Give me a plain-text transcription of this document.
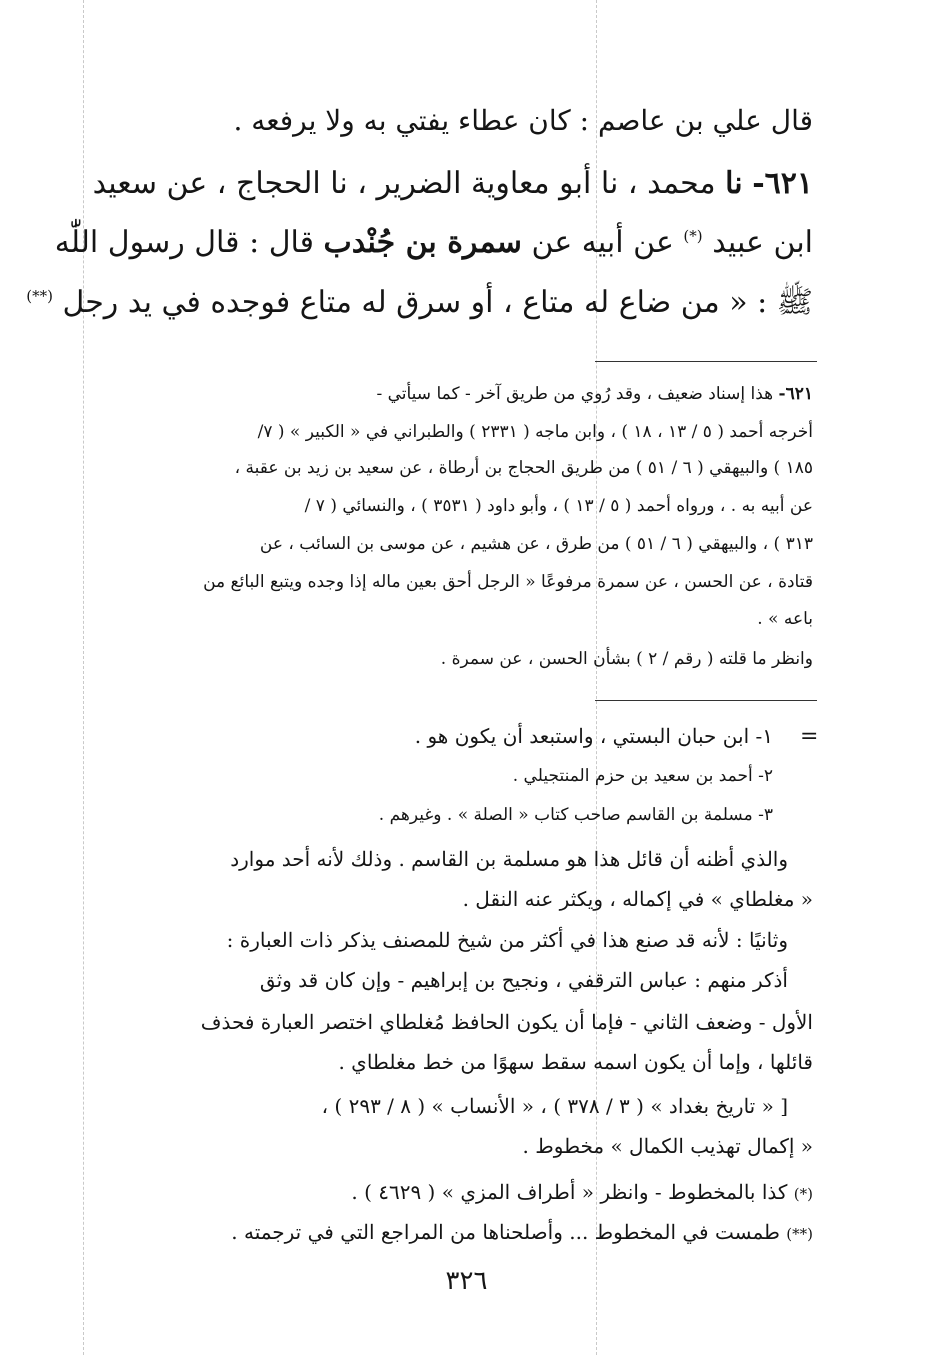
قال علي بن عاصم : كان عطاء يفتي به ولا يرفعه .
٦٢١- نا محمد ، نا أبو معاوية الضرير ، نا الحجاج ، عن سعيد
ابن عبيد (*) عن أبيه عن سمرة بن جُنْدب قال : قال رسول اللّٰه
ﷺ : « من ضاع له متاع ، أو سرق له متاع فوجده في يد رجل (**)
٦٢١- هذا إسناد ضعيف ، وقد رُوي من طريق آخر - كما سيأتي -
أخرجه أحمد ( ٥ / ١٣ ، ١٨ ) ، وابن ماجه ( ٢٣٣١ ) والطبراني في « الكبير » ( ٧/
١٨٥ ) والبيهقي ( ٦ / ٥١ ) من طريق الحجاج بن أرطاة ، عن سعيد بن زيد بن عقبة ،
عن أبيه به . ، ورواه أحمد ( ٥ / ١٣ ) ، وأبو داود ( ٣٥٣١ ) ، والنسائي ( ٧ /
٣١٣ ) ، والبيهقي ( ٦ / ٥١ ) من طرق ، عن هشيم ، عن موسى بن السائب ، عن
قتادة ، عن الحسن ، عن سمرة مرفوعًا « الرجل أحق بعين ماله إذا وجده ويتبع البائع من
باعه » .
وانظر ما قلته ( رقم / ٢ ) بشأن الحسن ، عن سمرة .
=
١- ابن حبان البستي ، واستبعد أن يكون هو .
٢- أحمد بن سعيد بن حزم المنتجيلي .
٣- مسلمة بن القاسم صاحب كتاب « الصلة » . وغيرهم .
والذي أظنه أن قائل هذا هو مسلمة بن القاسم . وذلك لأنه أحد موارد
« مغلطاي » في إكماله ، ويكثر عنه النقل .
وثانيًا : لأنه قد صنع هذا في أكثر من شيخ للمصنف يذكر ذات العبارة :
أذكر منهم : عباس الترقفي ، ونجيح بن إبراهيم - وإن كان قد وثق
الأول - وضعف الثاني - فإما أن يكون الحافظ مُغلطاي اختصر العبارة فحذف
قائلها ، وإما أن يكون اسمه سقط سهوًا من خط مغلطاي .
[ « تاريخ بغداد » ( ٣ / ٣٧٨ ) ، « الأنساب » ( ٨ / ٢٩٣ ) ،
« إكمال تهذيب الكمال » مخطوط .
(*) كذا بالمخطوط - وانظر « أطراف المزي » ( ٤٦٢٩ ) .
(**) طمست في المخطوط ... وأصلحناها من المراجع التي في ترجمته .
٣٢٦
